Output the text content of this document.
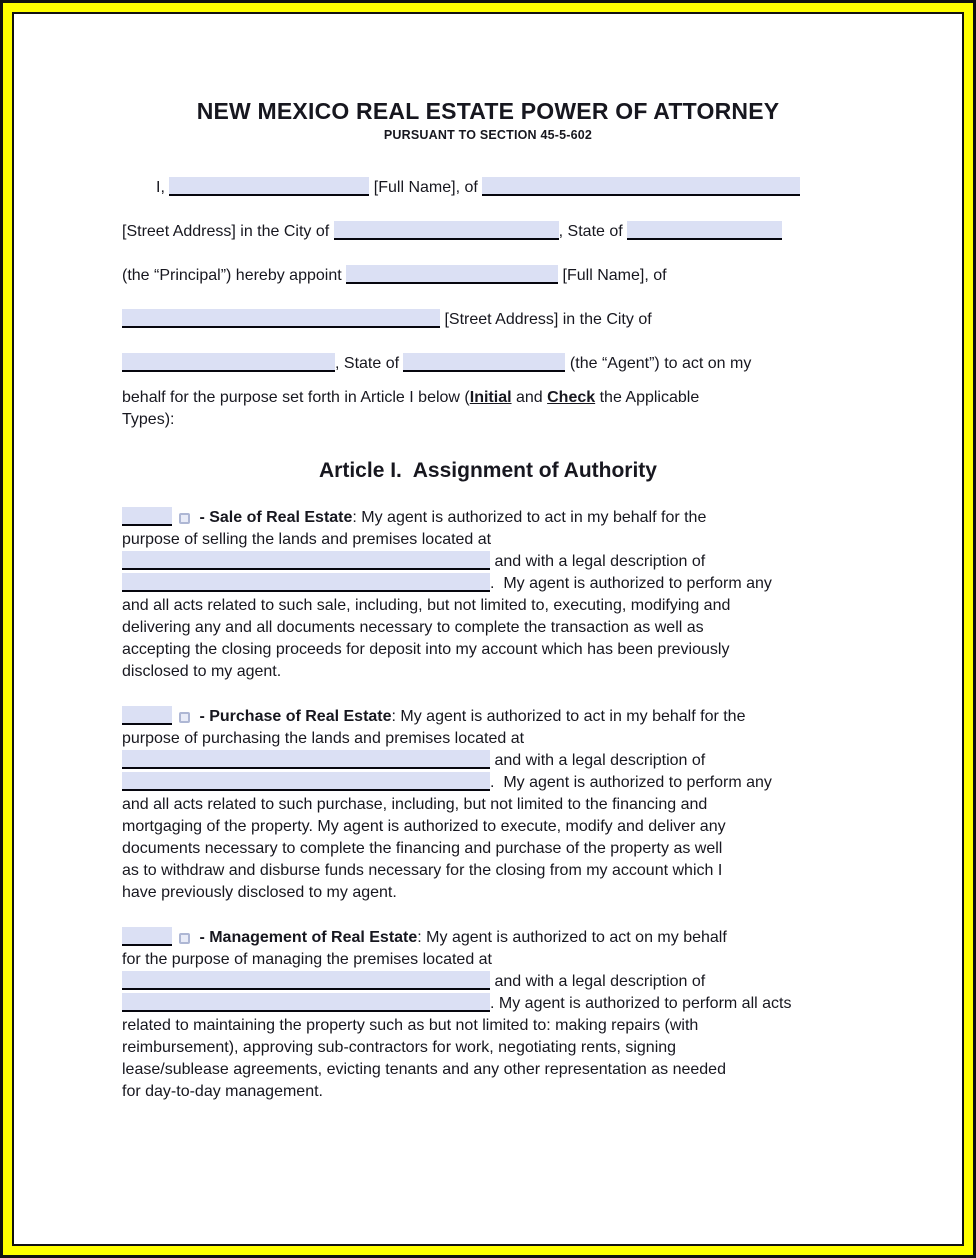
NEW MEXICO REAL ESTATE POWER OF ATTORNEY
PURSUANT TO SECTION 45-5-602
I,	[Full Name], of
[Street Address] in the City of	, State of
(the “Principal”) hereby appoint	[Full Name], of
[Street Address] in the City of
, State of	(the “Agent”) to act on my
behalf for the purpose set forth in Article I below (Initial and Check the Applicable
Types):
Article I.  Assignment of Authority
- Sale of Real Estate: My agent is authorized to act in my behalf for the
purpose of selling the lands and premises located at
and with a legal description of
.  My agent is authorized to perform any
and all acts related to such sale, including, but not limited to, executing, modifying and
delivering any and all documents necessary to complete the transaction as well as
accepting the closing proceeds for deposit into my account which has been previously
disclosed to my agent.
- Purchase of Real Estate: My agent is authorized to act in my behalf for the
purpose of purchasing the lands and premises located at
and with a legal description of
.  My agent is authorized to perform any
and all acts related to such purchase, including, but not limited to the financing and
mortgaging of the property. My agent is authorized to execute, modify and deliver any
documents necessary to complete the financing and purchase of the property as well
as to withdraw and disburse funds necessary for the closing from my account which I
have previously disclosed to my agent.
- Management of Real Estate: My agent is authorized to act on my behalf
for the purpose of managing the premises located at
and with a legal description of
. My agent is authorized to perform all acts
related to maintaining the property such as but not limited to: making repairs (with
reimbursement), approving sub-contractors for work, negotiating rents, signing
lease/sublease agreements, evicting tenants and any other representation as needed
for day-to-day management.
